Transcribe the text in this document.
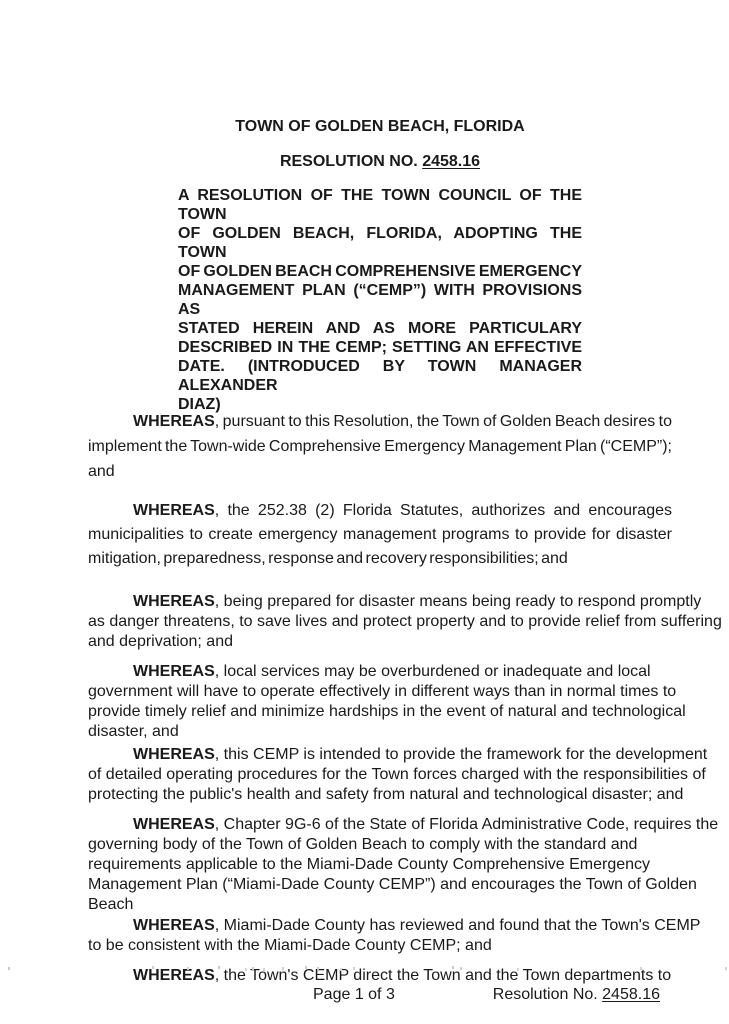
TOWN OF GOLDEN BEACH, FLORIDA
RESOLUTION NO. 2458.16
A RESOLUTION OF THE TOWN COUNCIL OF THE TOWN
OF GOLDEN BEACH, FLORIDA, ADOPTING THE TOWN
OF GOLDEN BEACH COMPREHENSIVE EMERGENCY
MANAGEMENT PLAN (“CEMP”) WITH PROVISIONS AS
STATED HEREIN AND AS MORE PARTICULARY
DESCRIBED IN THE CEMP; SETTING AN EFFECTIVE
DATE. (INTRODUCED BY TOWN MANAGER ALEXANDER
DIAZ)
WHEREAS, pursuant to this Resolution, the Town of Golden Beach desires to
implement the Town-wide Comprehensive Emergency Management Plan (“CEMP”); and
WHEREAS, the 252.38 (2) Florida Statutes, authorizes and encourages
municipalities to create emergency management programs to provide for disaster
mitigation, preparedness, response and recovery responsibilities; and
WHEREAS, being prepared for disaster means being ready to respond promptly
as danger threatens, to save lives and protect property and to provide relief from suffering
and deprivation; and
WHEREAS, local services may be overburdened or inadequate and local
government will have to operate effectively in different ways than in normal times to
provide timely relief and minimize hardships in the event of natural and technological
disaster, and
WHEREAS, this CEMP is intended to provide the framework for the development
of detailed operating procedures for the Town forces charged with the responsibilities of
protecting the public's health and safety from natural and technological disaster; and
WHEREAS, Chapter 9G-6 of the State of Florida Administrative Code, requires the
governing body of the Town of Golden Beach to comply with the standard and
requirements applicable to the Miami-Dade County Comprehensive Emergency
Management Plan (“Miami-Dade County CEMP”) and encourages the Town of Golden
Beach
WHEREAS, Miami-Dade County has reviewed and found that the Town's CEMP
to be consistent with the Miami-Dade County CEMP; and
WHEREAS, the Town's CEMP direct the Town and the Town departments to
Page 1 of 3	Resolution No. 2458.16
